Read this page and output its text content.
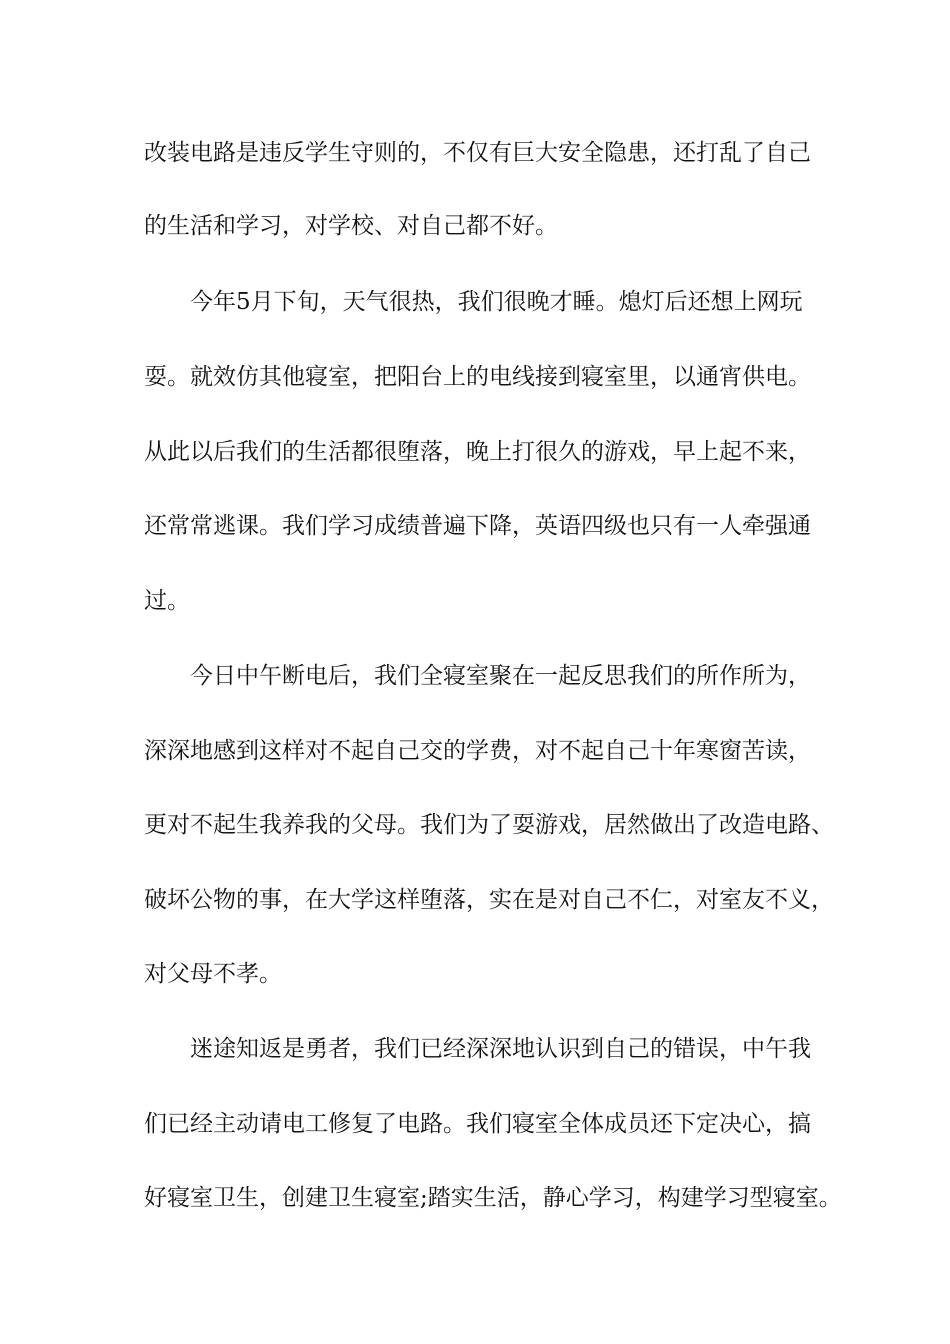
改装电路是违反学生守则的，不仅有巨大安全隐患，还打乱了自己
的生活和学习，对学校、对自己都不好。
今年5月下旬，天气很热，我们很晚才睡。熄灯后还想上网玩
耍。就效仿其他寝室，把阳台上的电线接到寝室里，以通宵供电。
从此以后我们的生活都很堕落，晚上打很久的游戏，早上起不来，
还常常逃课。我们学习成绩普遍下降，英语四级也只有一人牵强通
过。
今日中午断电后，我们全寝室聚在一起反思我们的所作所为，
深深地感到这样对不起自己交的学费，对不起自己十年寒窗苦读，
更对不起生我养我的父母。我们为了耍游戏，居然做出了改造电路、
破坏公物的事，在大学这样堕落，实在是对自己不仁，对室友不义，
对父母不孝。
迷途知返是勇者，我们已经深深地认识到自己的错误，中午我
们已经主动请电工修复了电路。我们寝室全体成员还下定决心，搞
好寝室卫生，创建卫生寝室;踏实生活，静心学习，构建学习型寝室。
